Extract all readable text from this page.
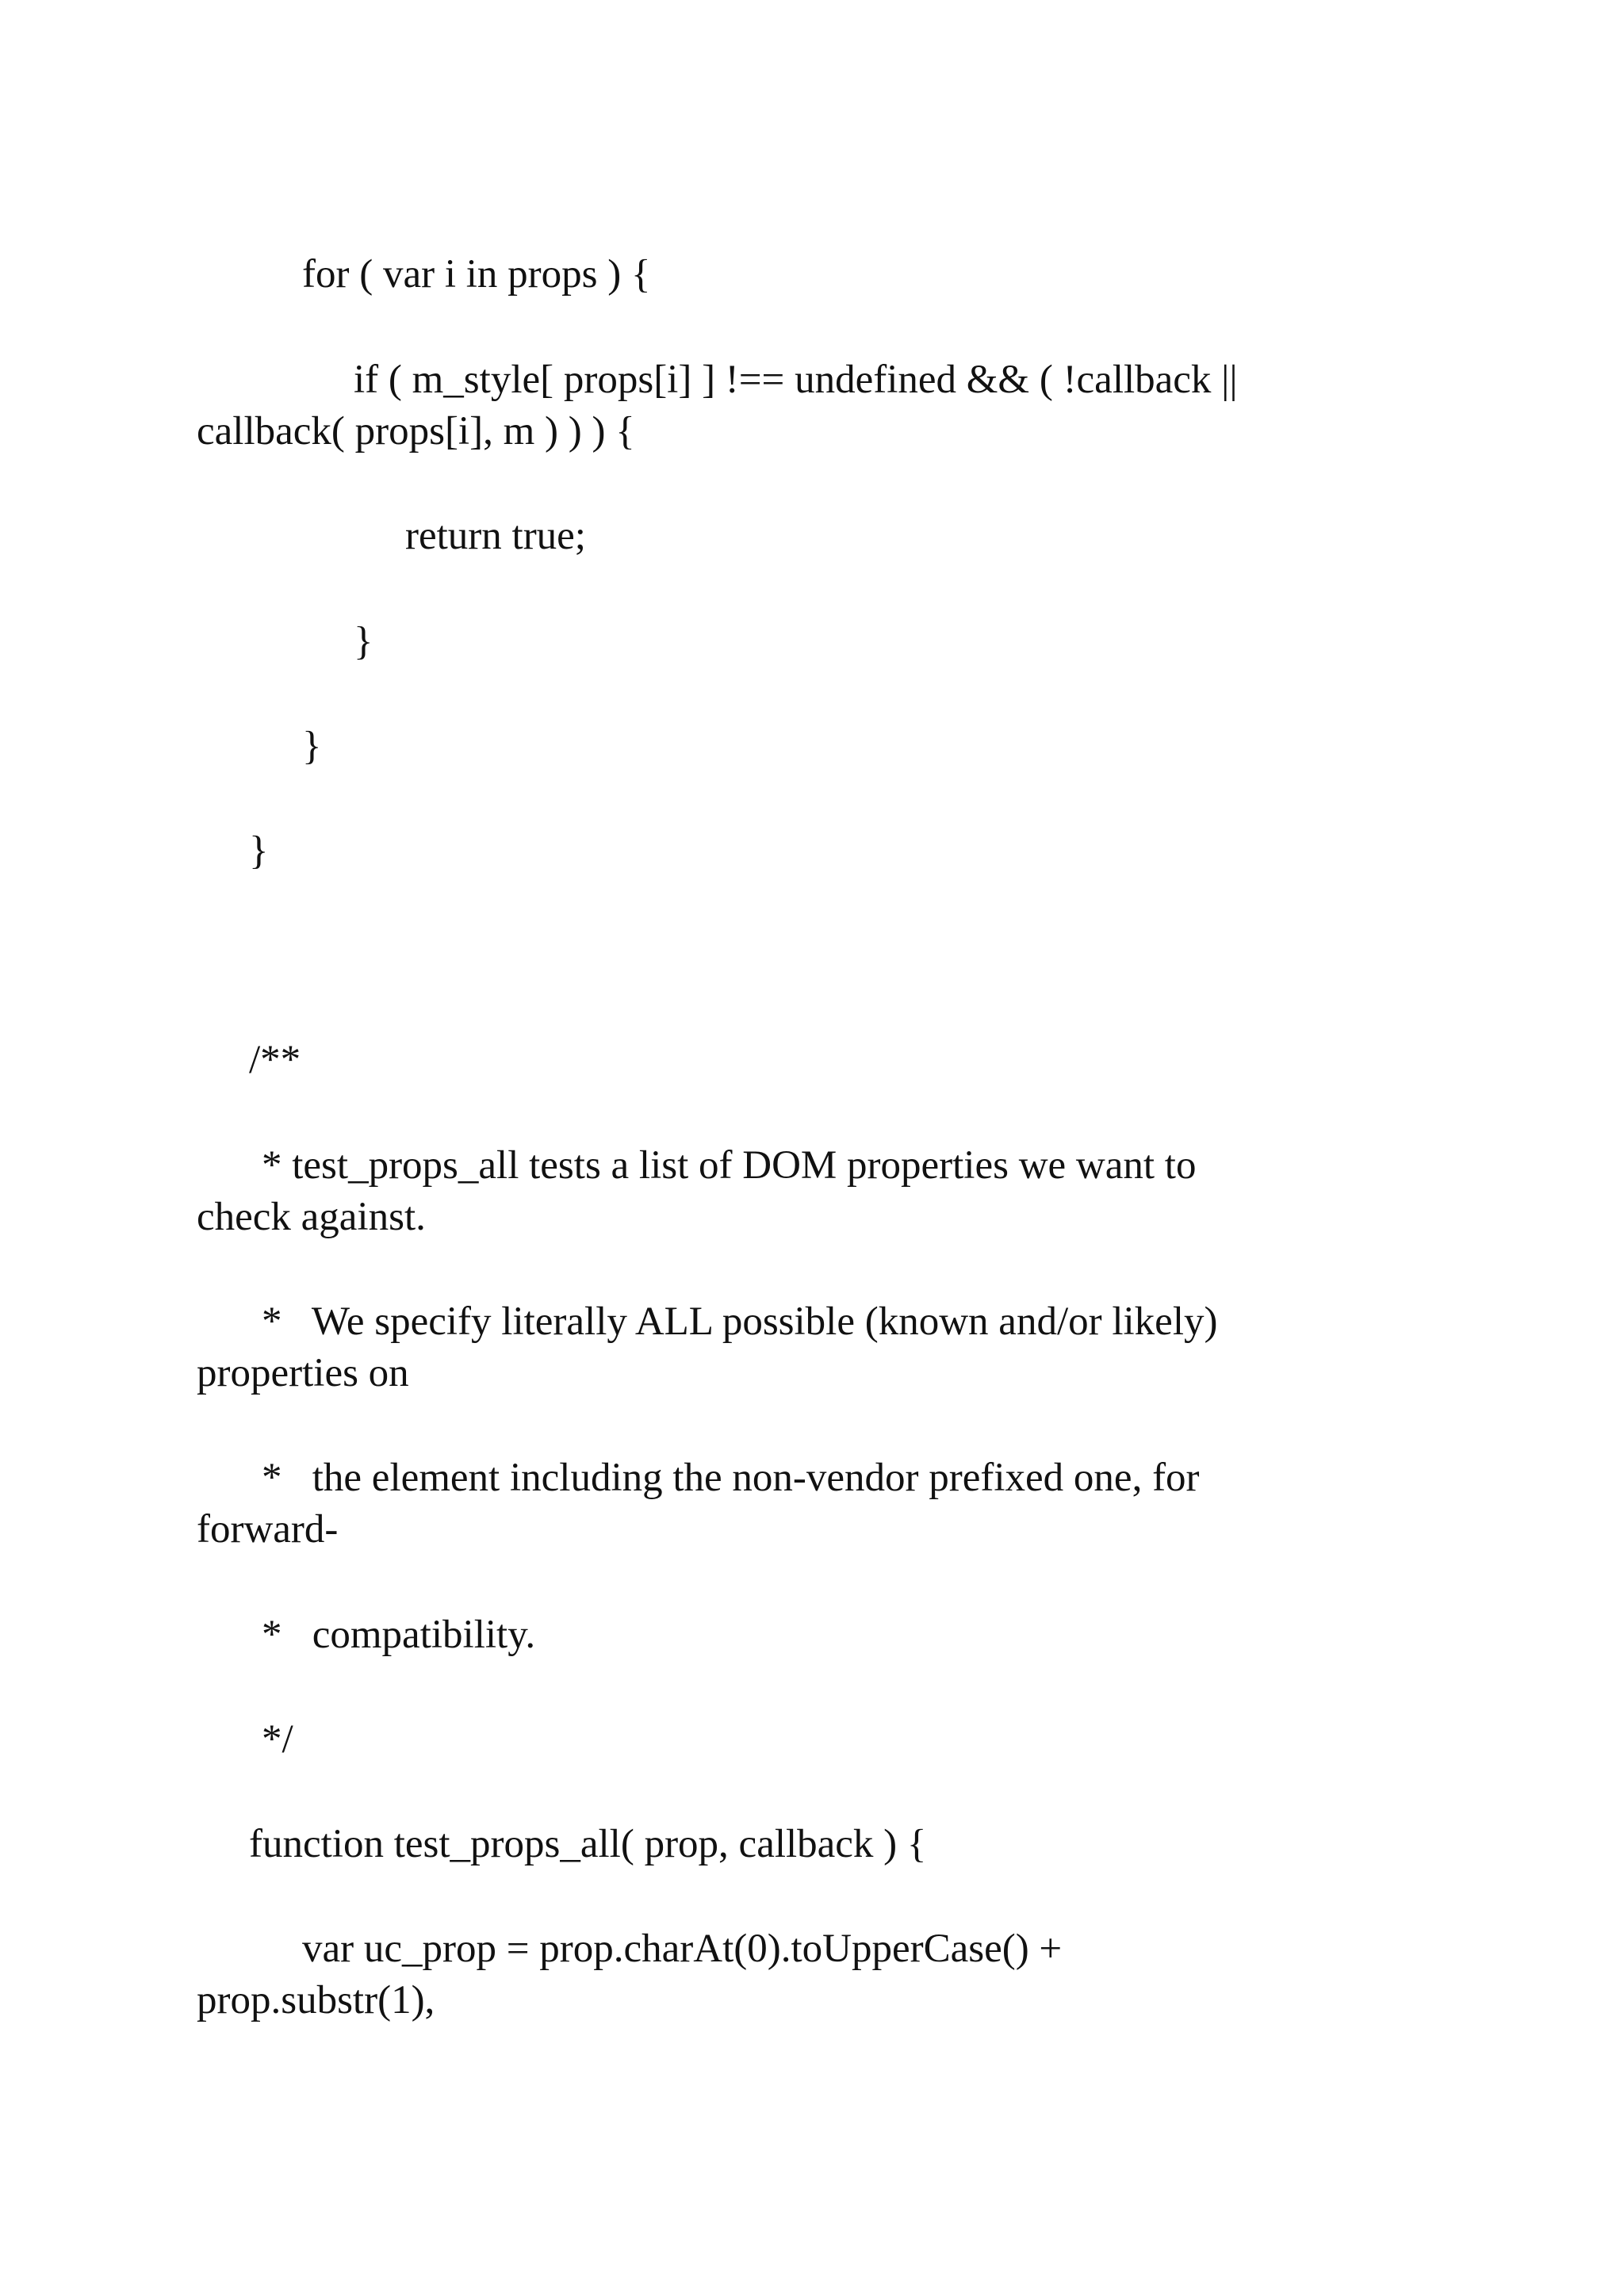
for ( var i in props ) {

if ( m_style[ props[i] ] !== undefined && ( !callback ||

callback( props[i], m ) ) ) {

return true;

}

}

}

/**

* test_props_all tests a list of DOM properties we want to

check against.

*   We specify literally ALL possible (known and/or likely)

properties on

*   the element including the non-vendor prefixed one, for

forward-

*   compatibility.

*/

function test_props_all( prop, callback ) {

var uc_prop = prop.charAt(0).toUpperCase() +

prop.substr(1),
